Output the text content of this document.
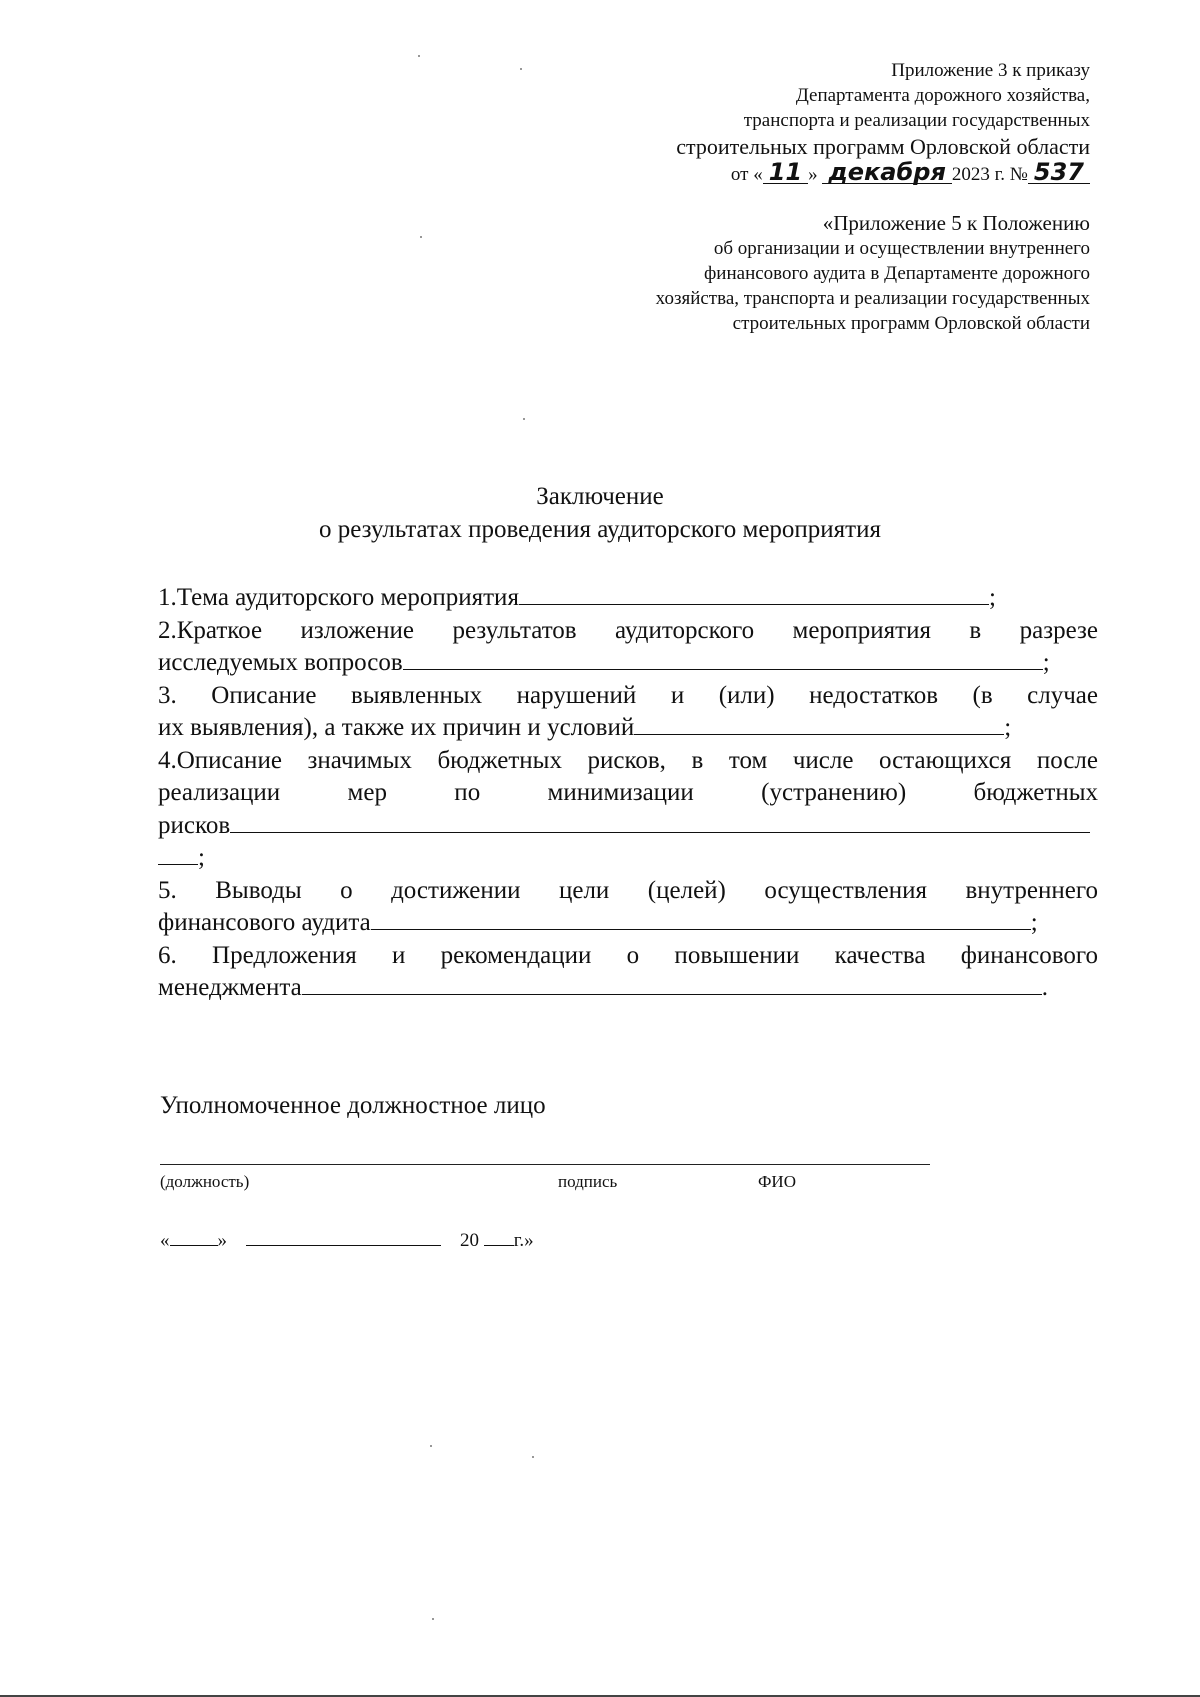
Приложение 3 к приказу
Департамента дорожного хозяйства,
транспорта и реализации государственных
строительных программ Орловской области
от « 11 » декабря 2023 г. № 537
«Приложение 5 к Положению
об организации и осуществлении внутреннего
финансового аудита в Департаменте дорожного
хозяйства, транспорта и реализации государственных
строительных программ Орловской области
Заключение
о результатах проведения аудиторского мероприятия

1.Тема аудиторского мероприятия	;

2.Краткое изложение результатов аудиторского мероприятия в разрезе

исследуемых вопросов	;

3. Описание выявленных нарушений и (или) недостатков (в случае

их выявления), а также их причин и условий	;

4.Описание значимых бюджетных рисков, в том числе остающихся после

реализации мер по минимизации (устранению) бюджетных

рисков

;

5. Выводы о достижении цели (целей) осуществления внутреннего

финансового аудита	;

6. Предложения и рекомендации о повышении качества финансового

менеджмента	.

Уполномоченное должностное лицо
(должность)	подпись	ФИО
«	»	20 г.»
